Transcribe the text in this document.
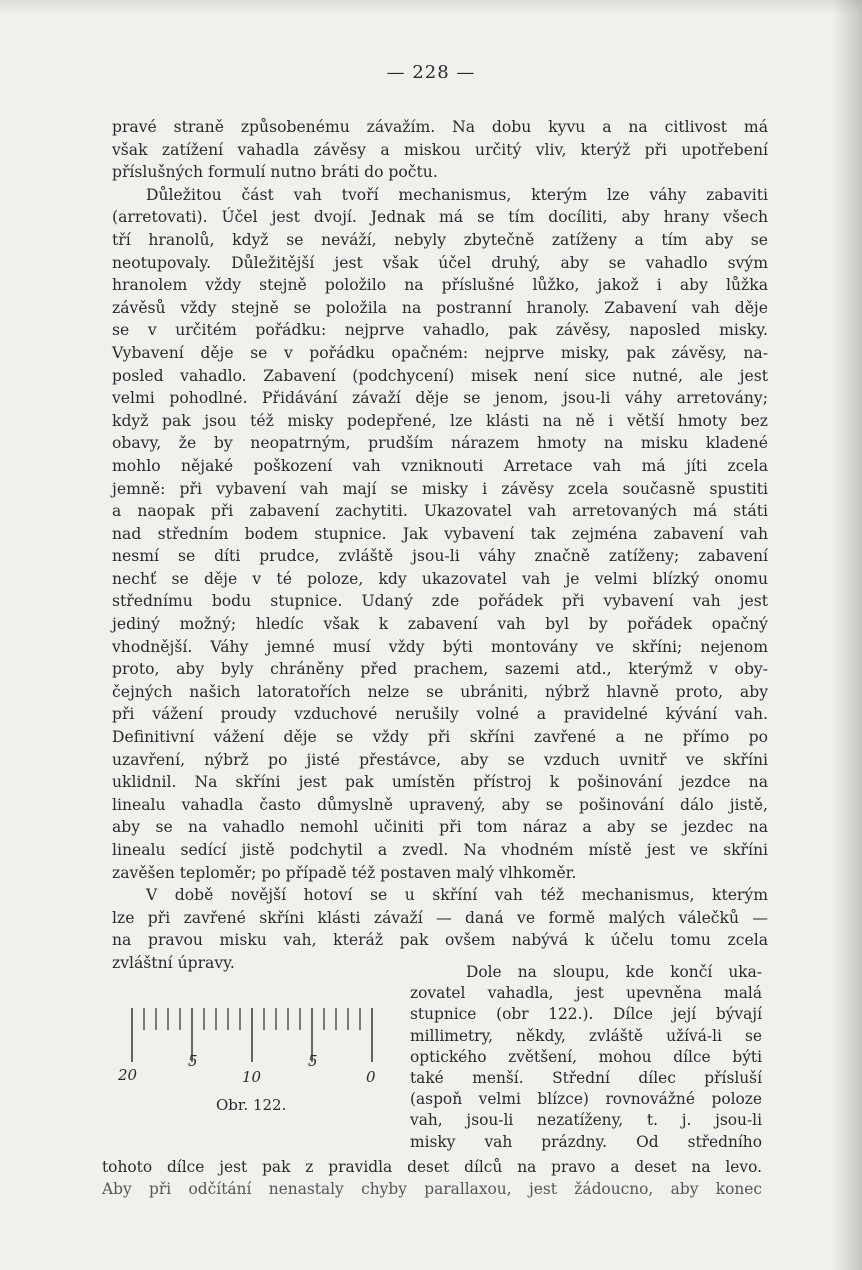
— 228 —
pravé straně způsobenému závažím. Na dobu kyvu a na citlivost má
však zatížení vahadla závěsy a miskou určitý vliv, kterýž při upotřebení
příslušných formulí nutno bráti do počtu.
Důležitou část vah tvoří mechanismus, kterým lze váhy zabaviti
(arretovati). Účel jest dvojí. Jednak má se tím docíliti, aby hrany všech
tří hranolů, když se neváží, nebyly zbytečně zatíženy a tím aby se
neotupovaly. Důležitější jest však účel druhý, aby se vahadlo svým
hranolem vždy stejně položilo na příslušné lůžko, jakož i aby lůžka
závěsů vždy stejně se položila na postranní hranoly. Zabavení vah děje
se v určitém pořádku: nejprve vahadlo, pak závěsy, naposled misky.
Vybavení děje se v pořádku opačném: nejprve misky, pak závěsy, na-
posled vahadlo. Zabavení (podchycení) misek není sice nutné, ale jest
velmi pohodlné. Přidávání závaží děje se jenom, jsou-li váhy arretovány;
když pak jsou též misky podepřené, lze klásti na ně i větší hmoty bez
obavy, že by neopatrným, prudším nárazem hmoty na misku kladené
mohlo nějaké poškození vah vzniknouti Arretace vah má jíti zcela
jemně: při vybavení vah mají se misky i závěsy zcela současně spustiti
a naopak při zabavení zachytiti. Ukazovatel vah arretovaných má státi
nad středním bodem stupnice. Jak vybavení tak zejména zabavení vah
nesmí se díti prudce, zvláště jsou-li váhy značně zatíženy; zabavení
nechť se děje v té poloze, kdy ukazovatel vah je velmi blízký onomu
střednímu bodu stupnice. Udaný zde pořádek při vybavení vah jest
jediný možný; hledíc však k zabavení vah byl by pořádek opačný
vhodnější. Váhy jemné musí vždy býti montovány ve skříni; nejenom
proto, aby byly chráněny před prachem, sazemi atd., kterýmž v oby-
čejných našich latoratořích nelze se ubrániti, nýbrž hlavně proto, aby
při vážení proudy vzduchové nerušily volné a pravidelné kývání vah.
Definitivní vážení děje se vždy při skříni zavřené a ne přímo po
uzavření, nýbrž po jisté přestávce, aby se vzduch uvnitř ve skříni
uklidnil. Na skříni jest pak umístěn přístroj k pošinování jezdce na
linealu vahadla často důmyslně upravený, aby se pošinování dálo jistě,
aby se na vahadlo nemohl učiniti při tom náraz a aby se jezdec na
linealu sedící jistě podchytil a zvedl. Na vhodném místě jest ve skříni
zavěšen teploměr; po případě též postaven malý vlhkoměr.
V době novější hotoví se u skříní vah též mechanismus, kterým
lze při zavřené skříni klásti závaží — daná ve formě malých válečků —
na pravou misku vah, kteráž pak ovšem nabývá k účelu tomu zcela
zvláštní úpravy.
20
5
10
5
0
Obr. 122.
Dole na sloupu, kde končí uka-
zovatel vahadla, jest upevněna malá
stupnice (obr 122.). Dílce její bývají
millimetry, někdy, zvláště užívá-li se
optického zvětšení, mohou dílce býti
také menší. Střední dílec přísluší
(aspoň velmi blízce) rovnovážné poloze
vah, jsou-li nezatíženy, t. j. jsou-li
misky vah prázdny. Od středního
tohoto dílce jest pak z pravidla deset dílců na pravo a deset na levo.
Aby při odčítání nenastaly chyby parallaxou, jest žádoucno, aby konec
